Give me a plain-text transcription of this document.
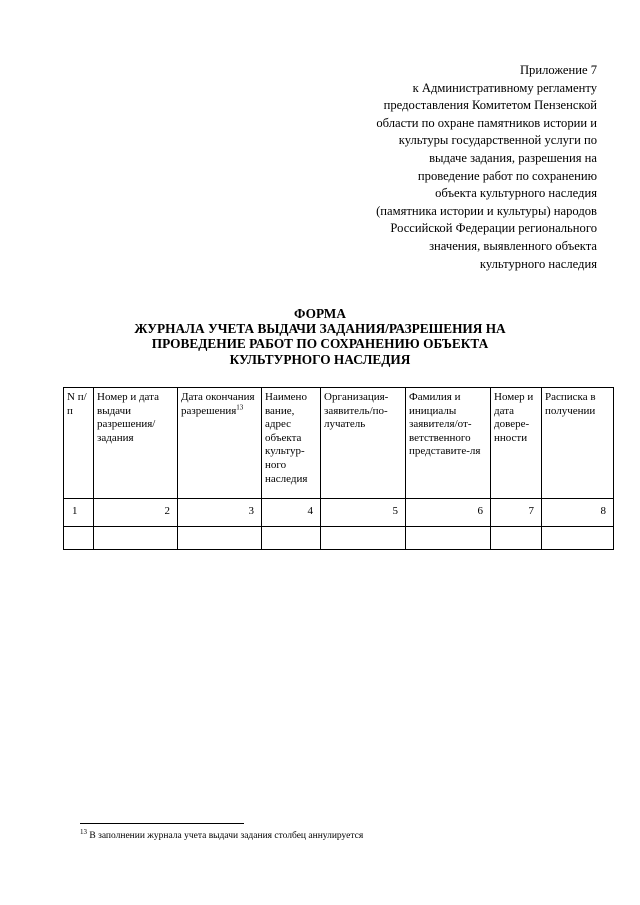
Приложение 7
к Административному регламенту
предоставления Комитетом Пензенской
области по охране памятников истории и
культуры государственной услуги по
выдаче задания, разрешения на
проведение работ по сохранению
объекта культурного наследия
(памятника истории и культуры) народов
Российской Федерации регионального
значения, выявленного объекта
культурного наследия
ФОРМА
ЖУРНАЛА УЧЕТА ВЫДАЧИ ЗАДАНИЯ/РАЗРЕШЕНИЯ НА
ПРОВЕДЕНИЕ РАБОТ ПО СОХРАНЕНИЮ ОБЪЕКТА
КУЛЬТУРНОГО НАСЛЕДИЯ
N п/п	Номер и дата выдачи разрешения/ задания	Дата окончания разрешения$^{13}$	Наимено вание, адрес объекта культур-ного наследия	Организация-заявитель/по-лучатель	Фамилия и инициалы заявителя/от-ветственного представите-ля	Номер и дата довере-нности	Расписка в получении
1	2	3	4	5	6	7	8

$^{13}$ В заполнении журнала учета выдачи задания столбец аннулируется
